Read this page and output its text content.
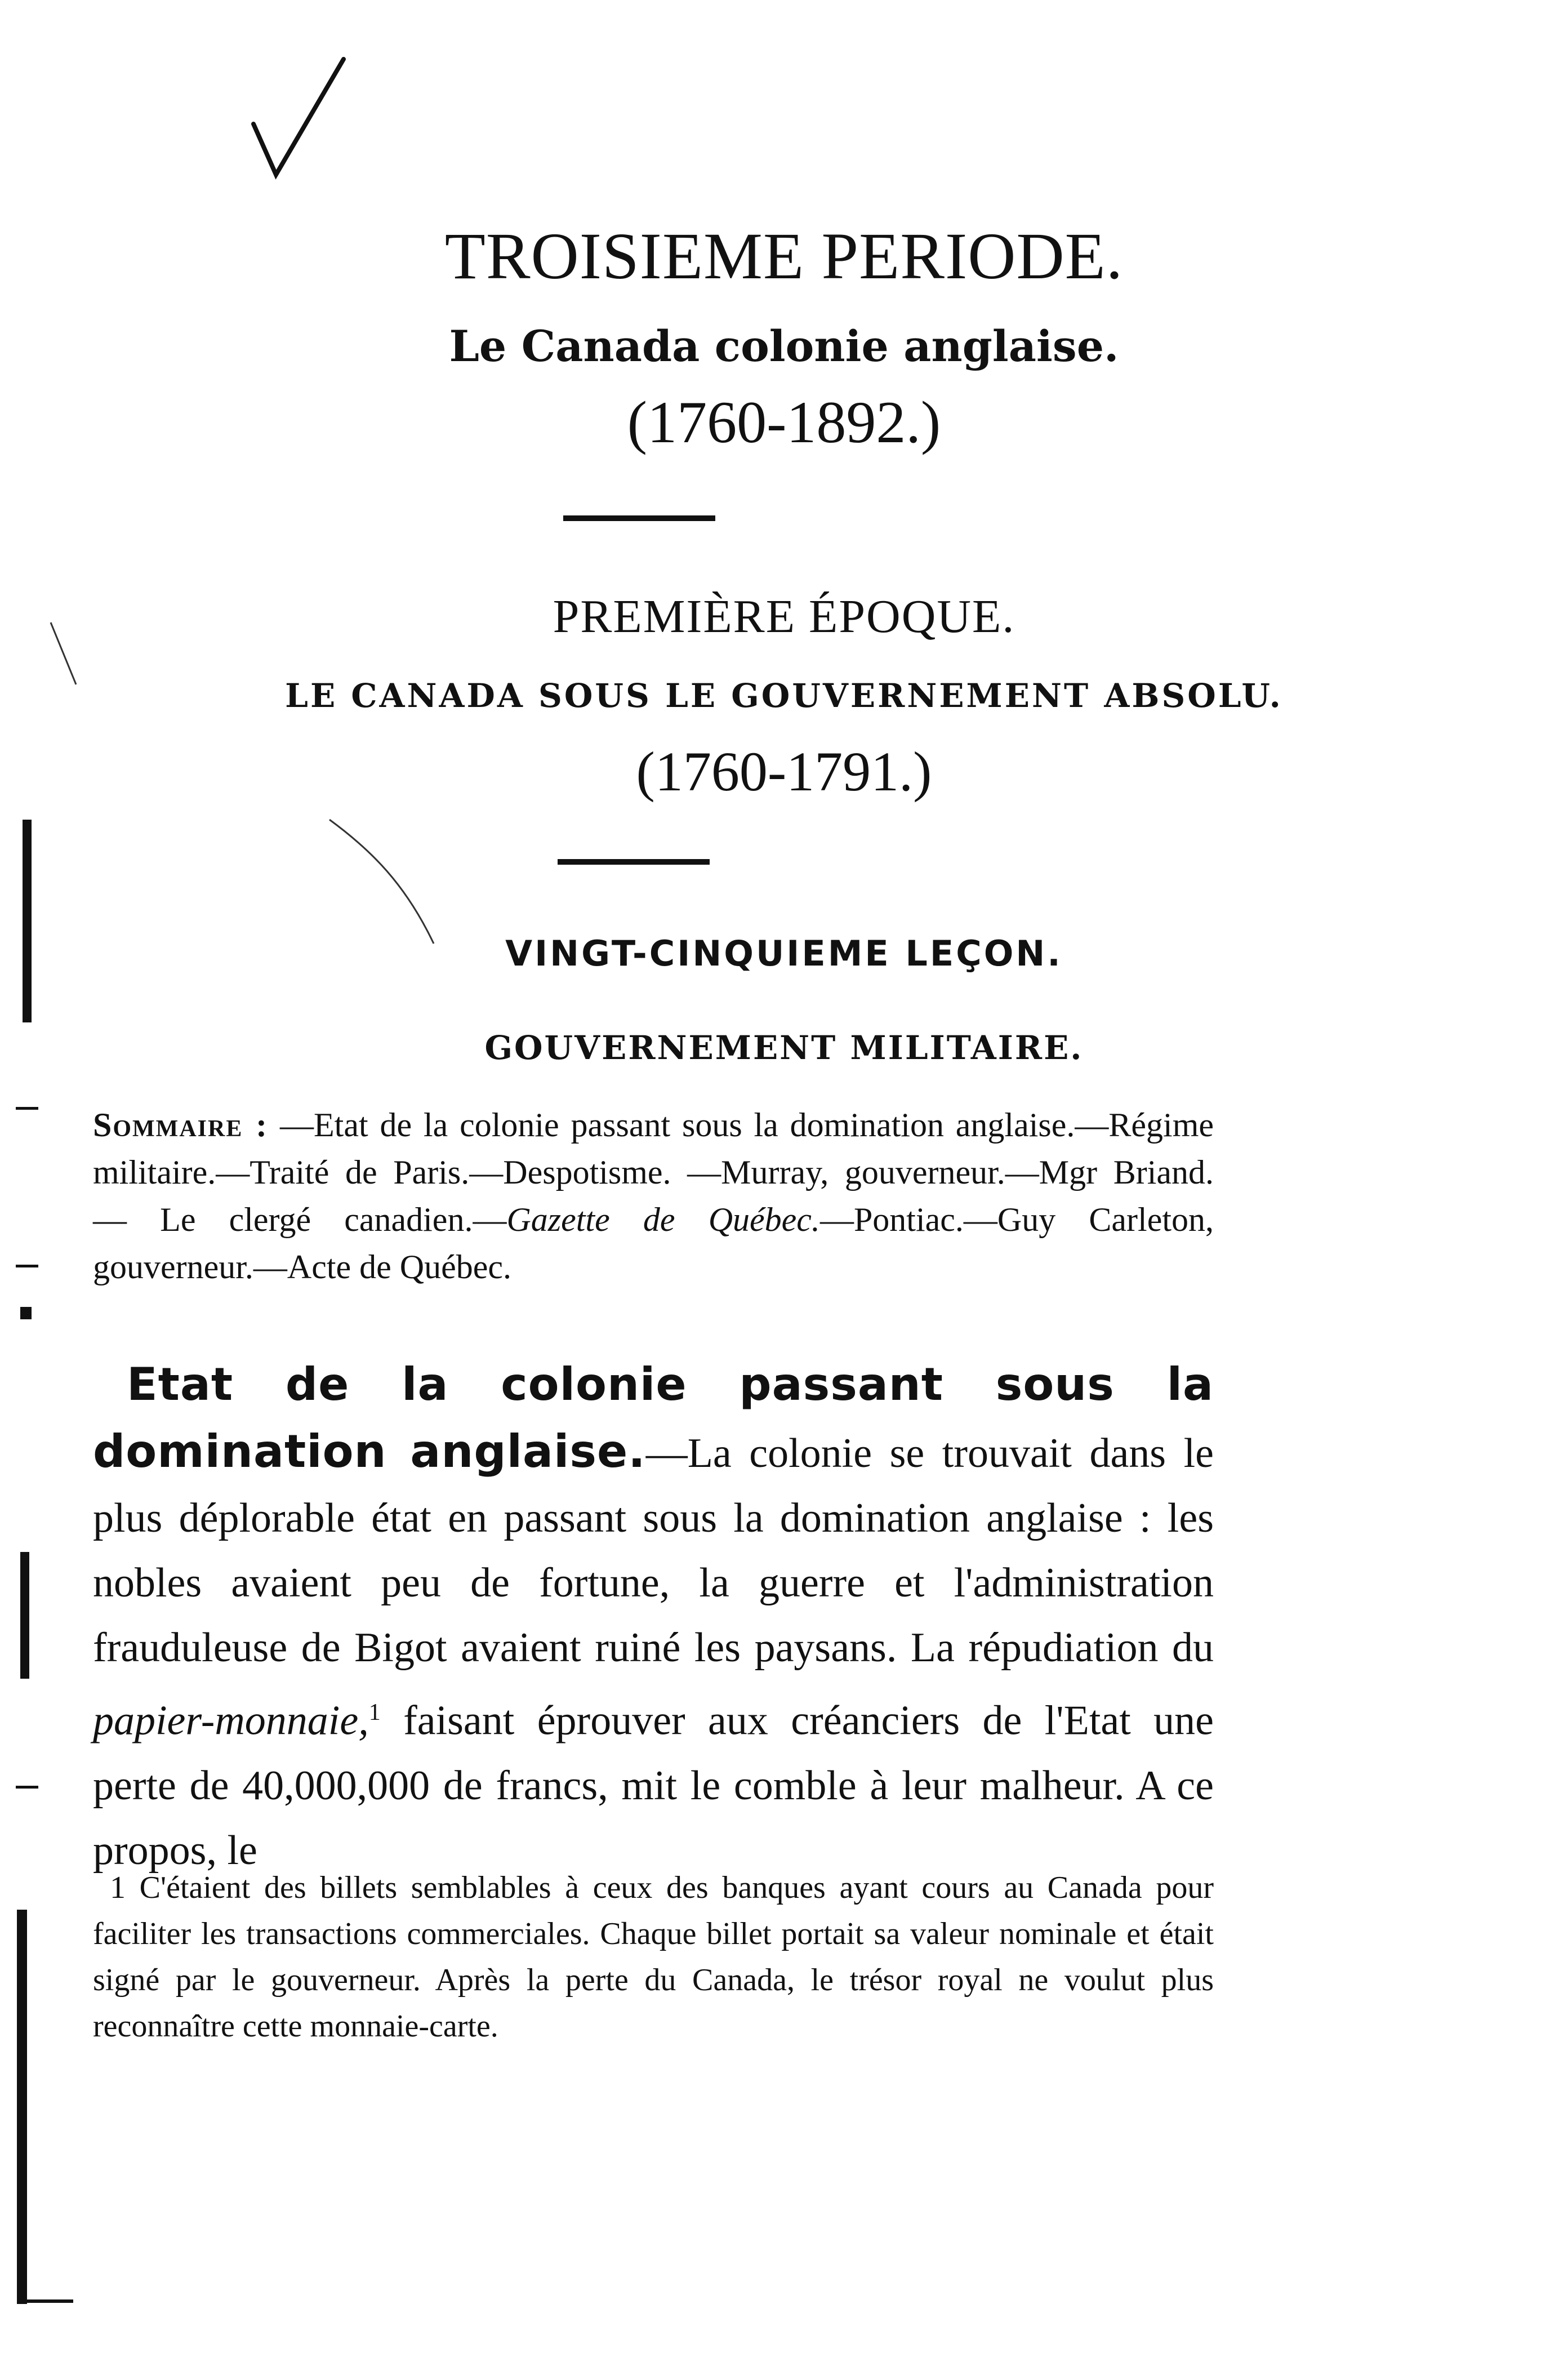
TROISIEME PERIODE.
Le Canada colonie anglaise.
(1760-1892.)
PREMIÈRE ÉPOQUE.
LE CANADA SOUS LE GOUVERNEMENT ABSOLU.
(1760-1791.)
VINGT-CINQUIEME LEÇON.
GOUVERNEMENT MILITAIRE.
Sommaire : —Etat de la colonie passant sous la domination anglaise.—Régime militaire.—Traité de Paris.—Despotisme. —Murray, gouverneur.—Mgr Briand. — Le clergé canadien.—Gazette de Québec.—Pontiac.—Guy Carleton, gouverneur.—Acte de Québec.
Etat de la colonie passant sous la domination anglaise.—La colonie se trouvait dans le plus déplorable état en passant sous la domination anglaise : les nobles avaient peu de fortune, la guerre et l'administration frauduleuse de Bigot avaient ruiné les paysans. La répudiation du papier-monnaie,$^1$ faisant éprouver aux créanciers de l'Etat une perte de 40,000,000 de francs, mit le comble à leur malheur. A ce propos, le
1 C'étaient des billets semblables à ceux des banques ayant cours au Canada pour faciliter les transactions commerciales. Chaque billet portait sa valeur nominale et était signé par le gouverneur. Après la perte du Canada, le trésor royal ne voulut plus reconnaître cette monnaie-carte.
